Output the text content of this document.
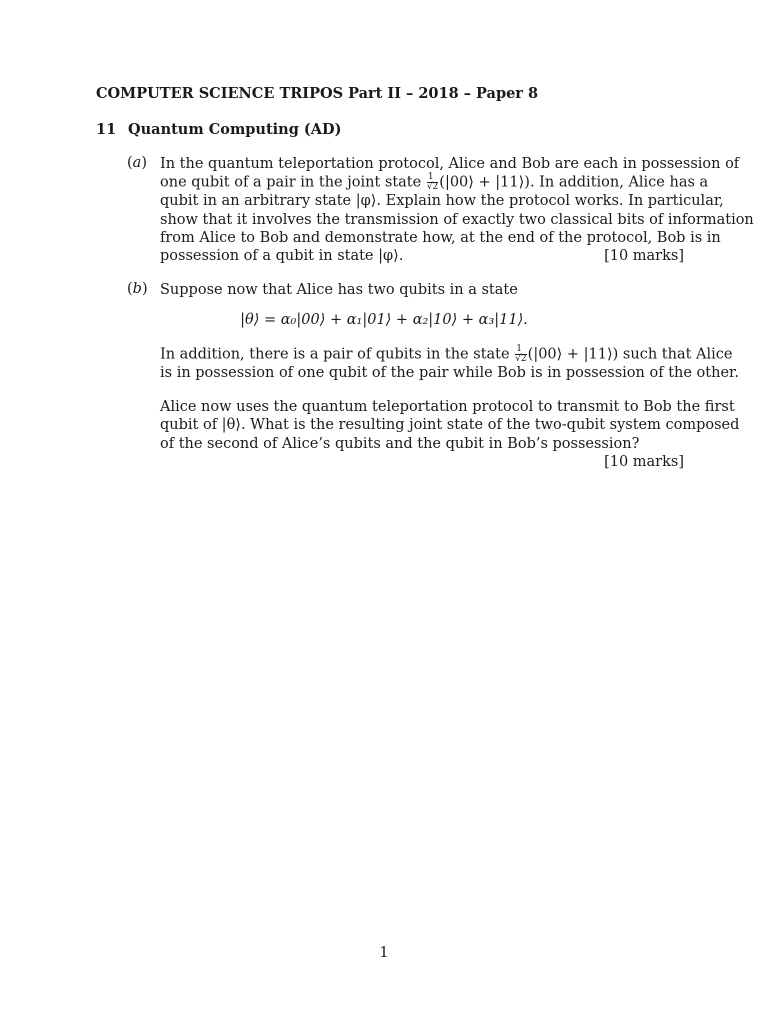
COMPUTER SCIENCE TRIPOS Part II – 2018 – Paper 8
11 Quantum Computing (AD)
(a) In the quantum teleportation protocol, Alice and Bob are each in possession of
one qubit of a pair in the joint state $\frac{1}{√2}$ (|00⟩ + |11⟩). In addition, Alice has a
qubit in an arbitrary state |φ⟩. Explain how the protocol works. In particular,
show that it involves the transmission of exactly two classical bits of information
from Alice to Bob and demonstrate how, at the end of the protocol, Bob is in
possession of a qubit in state |φ⟩.	[10 marks]
(b) Suppose now that Alice has two qubits in a state
|θ⟩ = α₀|00⟩ + α₁|01⟩ + α₂|10⟩ + α₃|11⟩.
In addition, there is a pair of qubits in the state $\frac{1}{√2}$ (|00⟩ + |11⟩) such that Alice
is in possession of one qubit of the pair while Bob is in possession of the other.
Alice now uses the quantum teleportation protocol to transmit to Bob the first
qubit of |θ⟩. What is the resulting joint state of the two-qubit system composed
of the second of Alice’s qubits and the qubit in Bob’s possession?
[10 marks]
1
